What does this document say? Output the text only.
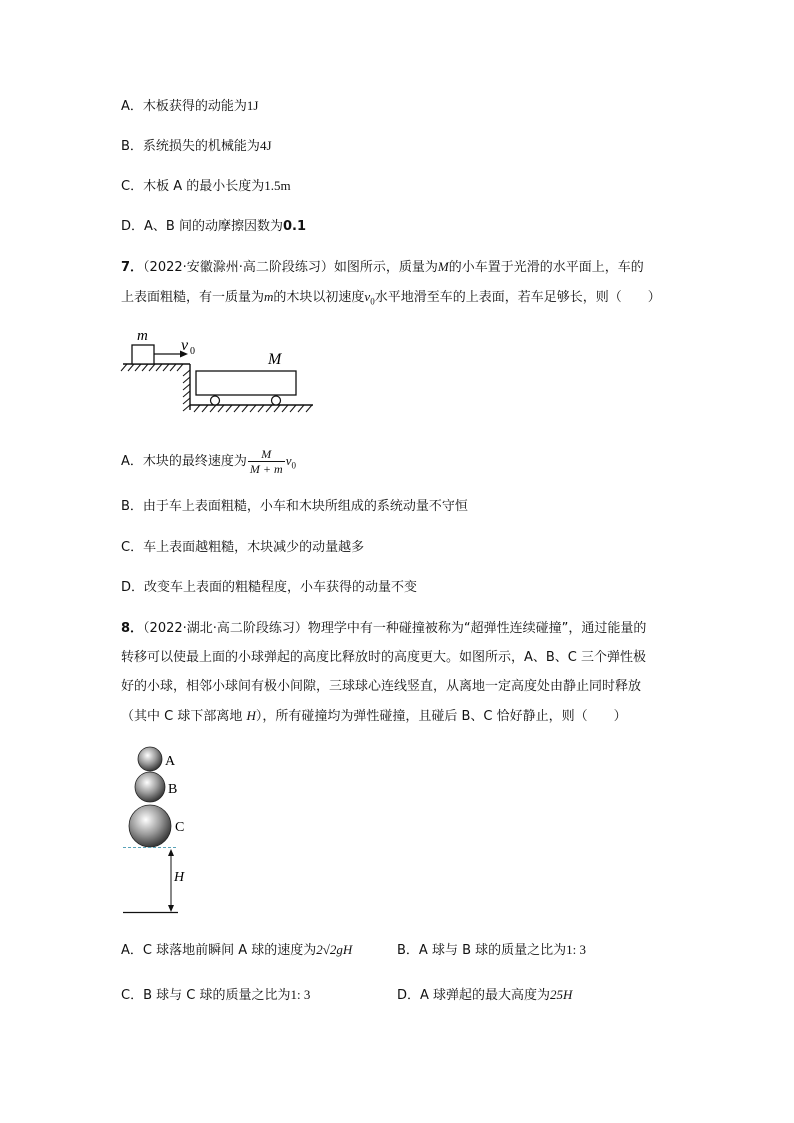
A．木板获得的动能为1J
B．系统损失的机械能为4J
C．木板 A 的最小长度为1.5m
D．A、B 间的动摩擦因数为0.1
7．（2022·安徽滁州·高二阶段练习）如图所示，质量为M的小车置于光滑的水平面上，车的
上表面粗糙，有一质量为m的木块以初速度$v_0$水平地滑至车的上表面，若车足够长，则（　　）
m
v 0	M
A．木块的最终速度为 $\frac{M}{M + m} v_0$
B．由于车上表面粗糙，小车和木块所组成的系统动量不守恒
C．车上表面越粗糙，木块减少的动量越多
D．改变车上表面的粗糙程度，小车获得的动量不变
8．（2022·湖北·高二阶段练习）物理学中有一种碰撞被称为“超弹性连续碰撞”，通过能量的
转移可以使最上面的小球弹起的高度比释放时的高度更大。如图所示，A、B、C 三个弹性极
好的小球，相邻小球间有极小间隙，三球球心连线竖直，从离地一定高度处由静止同时释放
（其中 C 球下部离地 H），所有碰撞均为弹性碰撞，且碰后 B、C 恰好静止，则（　　）
A
B
C
H
A．C 球落地前瞬间 A 球的速度为2√2gH	B．A 球与 B 球的质量之比为1: 3
C．B 球与 C 球的质量之比为1: 3	D．A 球弹起的最大高度为25H
